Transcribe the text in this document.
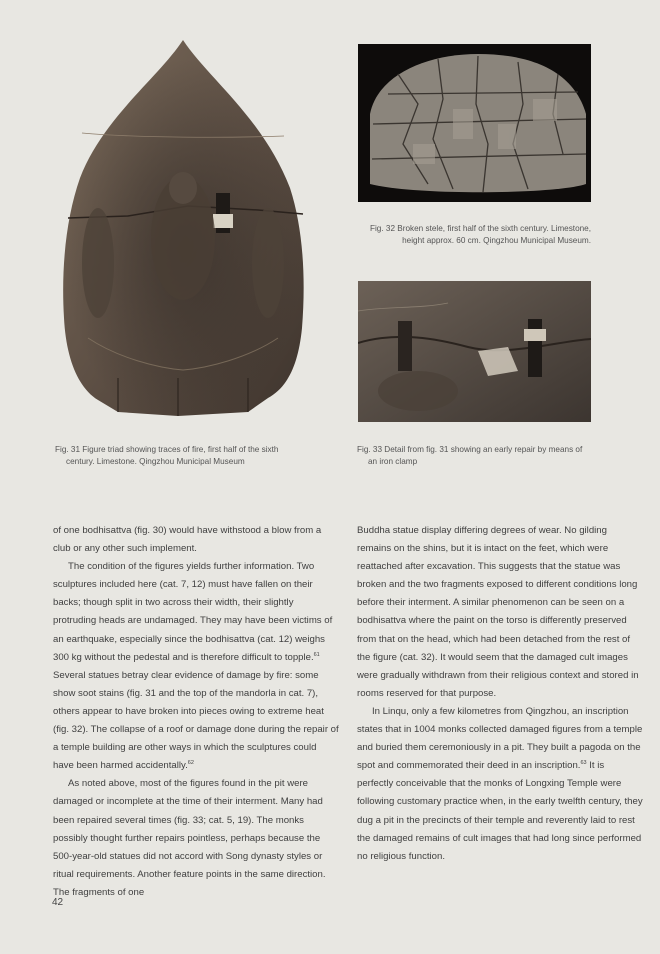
Fig. 31 Figure triad showing traces of fire, first half of the sixth
century. Limestone. Qingzhou Municipal Museum
Fig. 32 Broken stele, first half of the sixth century. Limestone,
height approx. 60 cm. Qingzhou Municipal Museum.
Fig. 33 Detail from fig. 31 showing an early repair by means of
an iron clamp

of one bodhisattva (fig. 30) would have withstood a blow from a club or any other such implement.

The condition of the figures yields further information. Two sculptures included here (cat. 7, 12) must have fallen on their backs; though split in two across their width, their slightly protruding heads are undamaged. They may have been victims of an earthquake, especially since the bodhisattva (cat. 12) weighs 300 kg without the pedestal and is therefore difficult to topple.$^{61}$ Several statues betray clear evidence of damage by fire: some show soot stains (fig. 31 and the top of the mandorla in cat. 7), others appear to have broken into pieces owing to extreme heat (fig. 32). The collapse of a roof or damage done during the repair of a temple building are other ways in which the sculptures could have been harmed accidentally.$^{62}$

As noted above, most of the figures found in the pit were damaged or incomplete at the time of their interment. Many had been repaired several times (fig. 33; cat. 5, 19). The monks possibly thought further repairs pointless, perhaps because the 500-year-old statues did not accord with Song dynasty styles or ritual requirements. Another feature points in the same direction. The fragments of one

Buddha statue display differing degrees of wear. No gilding remains on the shins, but it is intact on the feet, which were reattached after excavation. This suggests that the statue was broken and the two fragments exposed to different conditions long before their interment. A similar phenomenon can be seen on a bodhisattva where the paint on the torso is differently preserved from that on the head, which had been detached from the rest of the figure (cat. 32). It would seem that the damaged cult images were gradually withdrawn from their religious context and stored in rooms reserved for that purpose.

In Linqu, only a few kilometres from Qingzhou, an inscription states that in 1004 monks collected damaged figures from a temple and buried them ceremoniously in a pit. They built a pagoda on the spot and commemorated their deed in an inscription.$^{63}$ It is perfectly conceivable that the monks of Longxing Temple were following customary practice when, in the early twelfth century, they dug a pit in the precincts of their temple and reverently laid to rest the damaged remains of cult images that had long since performed no religious function.

42
